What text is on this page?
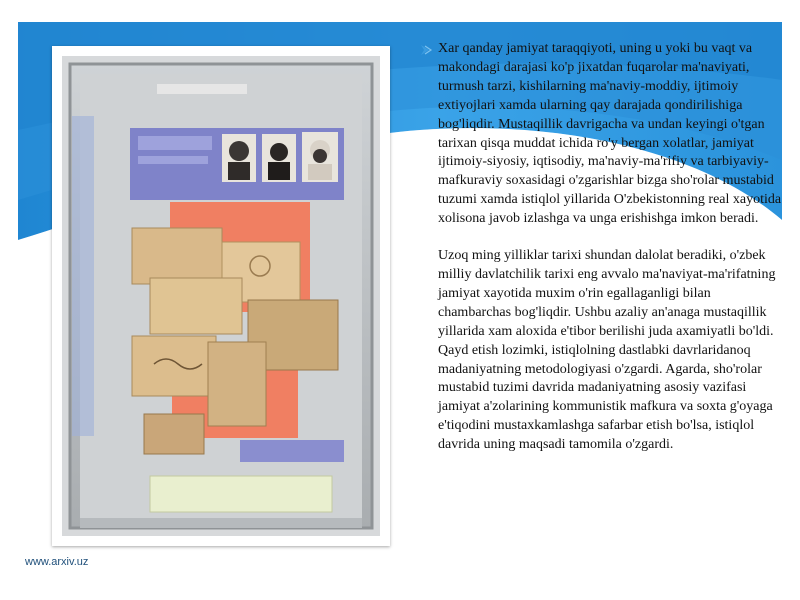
Xar qanday jamiyat taraqqiyoti, uning u yoki bu vaqt va makondagi darajasi ko'p jixatdan fuqarolar ma'naviyati, turmush tarzi, kishilarning ma'naviy-moddiy, ijtimoiy extiyojlari xamda ularning qay darajada qondirilishiga bog'liqdir. Mustaqillik davrigacha va undan keyingi o'tgan tarixan qisqa muddat ichida ro'y bergan xolatlar, jamiyat ijtimoiy-siyosiy, iqtisodiy, ma'naviy-ma'rifiy va tarbiyaviy-mafkuraviy soxasidagi o'zgarishlar bizga sho'rolar mustabid tuzumi xamda istiqlol yillarida O'zbekistonning real xayotida xolisona javob izlashga va unga erishishga imkon beradi.

Uzoq ming yilliklar tarixi shundan dalolat beradiki, o'zbek milliy davlatchilik tarixi eng avvalo ma'naviyat-ma'rifatning jamiyat xayotida muxim o'rin egallaganligi bilan chambarchas bog'liqdir. Ushbu azaliy an'anaga mustaqillik yillarida xam aloxida e'tibor berilishi juda axamiyatli bo'ldi. Qayd etish lozimki, istiqlolning dastlabki davrlaridanoq madaniyatning metodologiyasi o'zgardi. Agarda, sho'rolar mustabid tuzimi davrida madaniyatning asosiy vazifasi jamiyat a'zolarining kommunistik mafkura va soxta g'oyaga e'tiqodini mustaxkamlashga safarbar etish bo'lsa, istiqlol davrida uning maqsadi tamomila o'zgardi.

www.arxiv.uz
